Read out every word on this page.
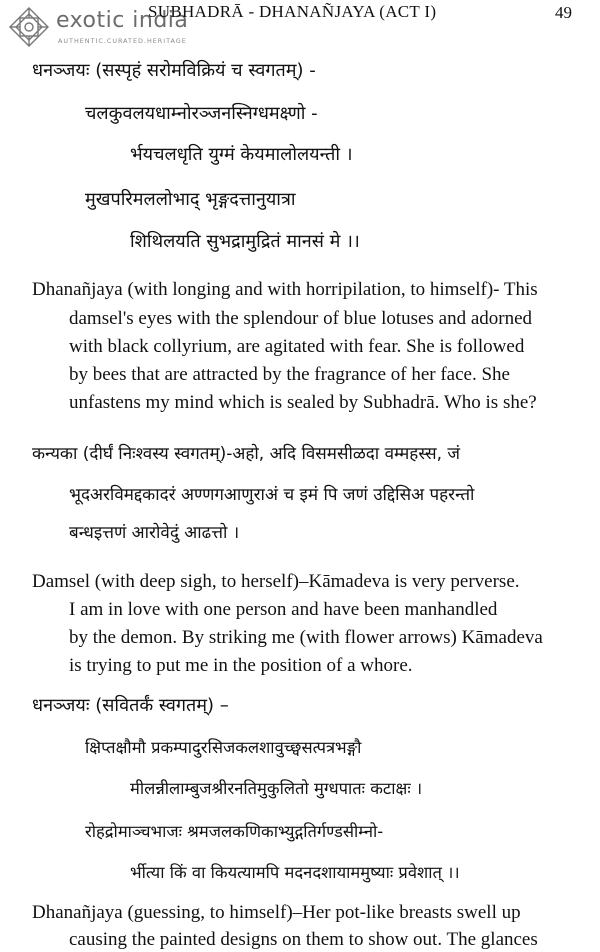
exotic india
AUTHENTIC.CURATED.HERITAGE
SUBHADRĀ - DHANAÑJAYA (ACT I)	49
धनञ्जयः (सस्पृहं सरोमविक्रियं च स्वगतम्) -
चलकुवलयधाम्नोरञ्जनस्निग्धमक्ष्णो -
र्भयचलधृति युग्मं केयमालोलयन्ती ।
मुखपरिमललोभाद् भृङ्गदत्तानुयात्रा
शिथिलयति सुभद्रामुद्रितं मानसं मे ।।
Dhanañjaya (with longing and with horripilation, to himself)- This
damsel's eyes with the splendour of blue lotuses and adorned
with black collyrium, are agitated with fear. She is followed
by bees that are attracted by the fragrance of her face. She
unfastens my mind which is sealed by Subhadrā. Who is she?
कन्यका (दीर्घं निःश्वस्य स्वगतम्)-अहो, अदि विसमसीळदा वम्महस्स, जं
भूदअरविमद्दकादरं अण्णगआणुराअं च इमं पि जणं उद्दिसिअ पहरन्तो
बन्धइत्तणं आरोवेदुं आढत्तो ।
Damsel (with deep sigh, to herself)–Kāmadeva is very perverse.
I am in love with one person and have been manhandled
by the demon. By striking me (with flower arrows) Kāmadeva
is trying to put me in the position of a whore.
धनञ्जयः (सवितर्कं स्वगतम्) –
क्षिप्तक्षौमौ प्रकम्पादुरसिजकलशावुच्छ्वसत्पत्रभङ्गौ
मीलन्नीलाम्बुजश्रीरनतिमुकुलितो मुग्धपातः कटाक्षः ।
रोहद्रोमाञ्चभाजः श्रमजलकणिकाभ्युद्गतिर्गण्डसीम्नो-
र्भीत्या किं वा कियत्यामपि मदनदशायाममुष्याः प्रवेशात् ।।
Dhanañjaya (guessing, to himself)–Her pot-like breasts swell up
causing the painted designs on them to show out. The glances
